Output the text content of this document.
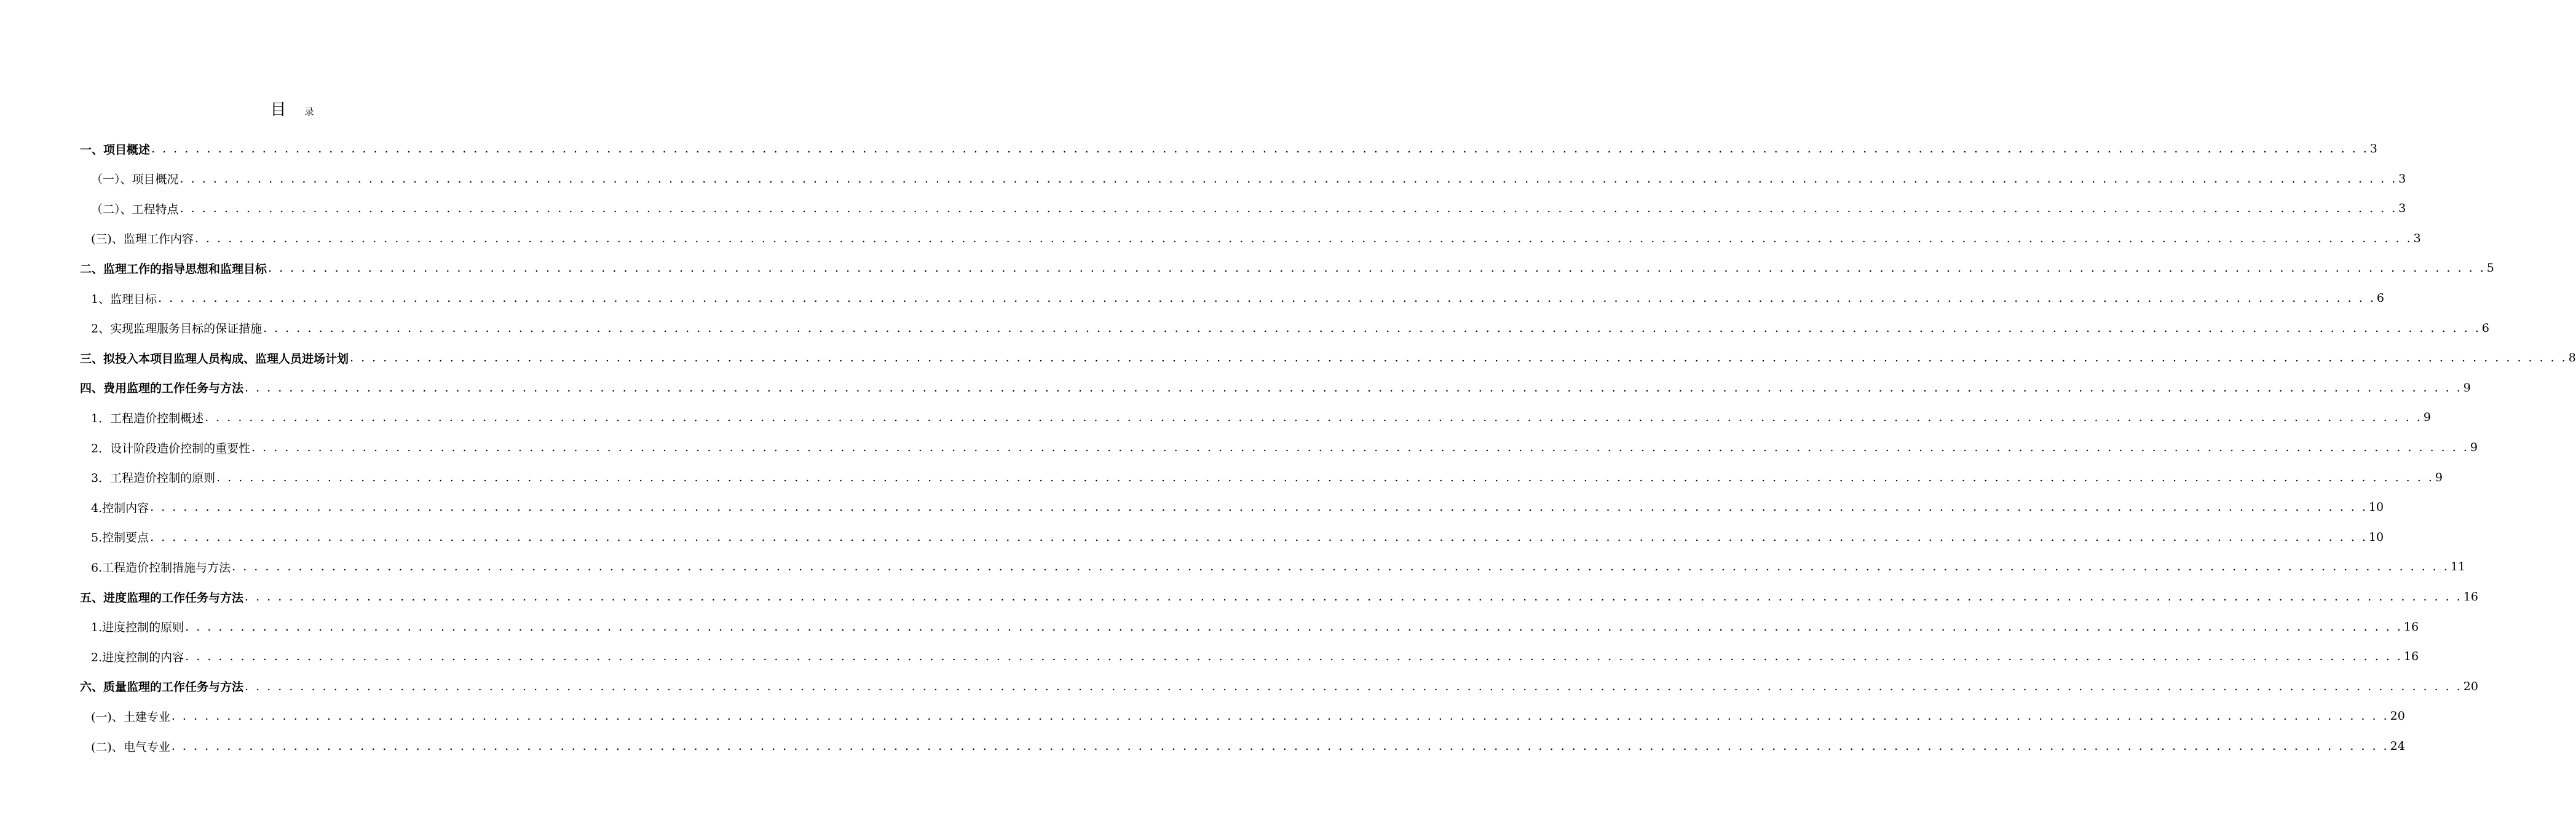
目 录
一、项目概述 . . . . . . . . . . . . . . . . . . . . . . . . . . . . . . . . . . . . . . . . . . . . . . . . . . . . . . . . . . . . . . . . . . . . . . . . . . . . . . . . . . . . . . . . . . . . . . . . . . . . . . . . . . . . . . . . . . . . . . . . . . . . . . . . . . . . . . . . . . . . . . . . . . . . . . . . . . . . . . . . . . . . . . . . . . . . . . . . . . . . . . . . . . . . . . . . . . . . . . . . 3
（一）、项目概况 . . . . . . . . . . . . . . . . . . . . . . . . . . . . . . . . . . . . . . . . . . . . . . . . . . . . . . . . . . . . . . . . . . . . . . . . . . . . . . . . . . . . . . . . . . . . . . . . . . . . . . . . . . . . . . . . . . . . . . . . . . . . . . . . . . . . . . . . . . . . . . . . . . . . . . . . . . . . . . . . . . . . . . . . . . . . . . . . . . . . . . . . . . . . . . . . . . . . . . . . 3
（二）、工程特点 . . . . . . . . . . . . . . . . . . . . . . . . . . . . . . . . . . . . . . . . . . . . . . . . . . . . . . . . . . . . . . . . . . . . . . . . . . . . . . . . . . . . . . . . . . . . . . . . . . . . . . . . . . . . . . . . . . . . . . . . . . . . . . . . . . . . . . . . . . . . . . . . . . . . . . . . . . . . . . . . . . . . . . . . . . . . . . . . . . . . . . . . . . . . . . . . . . . . . . . . 3
(三)、监理工作内容 . . . . . . . . . . . . . . . . . . . . . . . . . . . . . . . . . . . . . . . . . . . . . . . . . . . . . . . . . . . . . . . . . . . . . . . . . . . . . . . . . . . . . . . . . . . . . . . . . . . . . . . . . . . . . . . . . . . . . . . . . . . . . . . . . . . . . . . . . . . . . . . . . . . . . . . . . . . . . . . . . . . . . . . . . . . . . . . . . . . . . . . . . . . . . . . . . . . . . . . . 3
二、监理工作的指导思想和监理目标 . . . . . . . . . . . . . . . . . . . . . . . . . . . . . . . . . . . . . . . . . . . . . . . . . . . . . . . . . . . . . . . . . . . . . . . . . . . . . . . . . . . . . . . . . . . . . . . . . . . . . . . . . . . . . . . . . . . . . . . . . . . . . . . . . . . . . . . . . . . . . . . . . . . . . . . . . . . . . . . . . . . . . . . . . . . . . . . . . . . . . . . . . . . . . . . . . . . . . . . . 5
1、监理目标 . . . . . . . . . . . . . . . . . . . . . . . . . . . . . . . . . . . . . . . . . . . . . . . . . . . . . . . . . . . . . . . . . . . . . . . . . . . . . . . . . . . . . . . . . . . . . . . . . . . . . . . . . . . . . . . . . . . . . . . . . . . . . . . . . . . . . . . . . . . . . . . . . . . . . . . . . . . . . . . . . . . . . . . . . . . . . . . . . . . . . . . . . . . . . . . . . . . . . . . . 6
2、实现监理服务目标的保证措施 . . . . . . . . . . . . . . . . . . . . . . . . . . . . . . . . . . . . . . . . . . . . . . . . . . . . . . . . . . . . . . . . . . . . . . . . . . . . . . . . . . . . . . . . . . . . . . . . . . . . . . . . . . . . . . . . . . . . . . . . . . . . . . . . . . . . . . . . . . . . . . . . . . . . . . . . . . . . . . . . . . . . . . . . . . . . . . . . . . . . . . . . . . . . . . . . . . . . . . . . 6
三、拟投入本项目监理人员构成、监理人员进场计划 . . . . . . . . . . . . . . . . . . . . . . . . . . . . . . . . . . . . . . . . . . . . . . . . . . . . . . . . . . . . . . . . . . . . . . . . . . . . . . . . . . . . . . . . . . . . . . . . . . . . . . . . . . . . . . . . . . . . . . . . . . . . . . . . . . . . . . . . . . . . . . . . . . . . . . . . . . . . . . . . . . . . . . . . . . . . . . . . . . . . . . . . . . . . . . . . . . . . . . . . 8
四、费用监理的工作任务与方法 . . . . . . . . . . . . . . . . . . . . . . . . . . . . . . . . . . . . . . . . . . . . . . . . . . . . . . . . . . . . . . . . . . . . . . . . . . . . . . . . . . . . . . . . . . . . . . . . . . . . . . . . . . . . . . . . . . . . . . . . . . . . . . . . . . . . . . . . . . . . . . . . . . . . . . . . . . . . . . . . . . . . . . . . . . . . . . . . . . . . . . . . . . . . . . . . . . . . . . . . 9
1．工程造价控制概述 . . . . . . . . . . . . . . . . . . . . . . . . . . . . . . . . . . . . . . . . . . . . . . . . . . . . . . . . . . . . . . . . . . . . . . . . . . . . . . . . . . . . . . . . . . . . . . . . . . . . . . . . . . . . . . . . . . . . . . . . . . . . . . . . . . . . . . . . . . . . . . . . . . . . . . . . . . . . . . . . . . . . . . . . . . . . . . . . . . . . . . . . . . . . . . . . . . . . . . . . 9
2．设计阶段造价控制的重要性 . . . . . . . . . . . . . . . . . . . . . . . . . . . . . . . . . . . . . . . . . . . . . . . . . . . . . . . . . . . . . . . . . . . . . . . . . . . . . . . . . . . . . . . . . . . . . . . . . . . . . . . . . . . . . . . . . . . . . . . . . . . . . . . . . . . . . . . . . . . . . . . . . . . . . . . . . . . . . . . . . . . . . . . . . . . . . . . . . . . . . . . . . . . . . . . . . . . . . . . . 9
3．工程造价控制的原则 . . . . . . . . . . . . . . . . . . . . . . . . . . . . . . . . . . . . . . . . . . . . . . . . . . . . . . . . . . . . . . . . . . . . . . . . . . . . . . . . . . . . . . . . . . . . . . . . . . . . . . . . . . . . . . . . . . . . . . . . . . . . . . . . . . . . . . . . . . . . . . . . . . . . . . . . . . . . . . . . . . . . . . . . . . . . . . . . . . . . . . . . . . . . . . . . . . . . . . . . 9
4.控制内容 . . . . . . . . . . . . . . . . . . . . . . . . . . . . . . . . . . . . . . . . . . . . . . . . . . . . . . . . . . . . . . . . . . . . . . . . . . . . . . . . . . . . . . . . . . . . . . . . . . . . . . . . . . . . . . . . . . . . . . . . . . . . . . . . . . . . . . . . . . . . . . . . . . . . . . . . . . . . . . . . . . . . . . . . . . . . . . . . . . . . . . . . . . . . . . . . . . . . . . . . 10
5.控制要点 . . . . . . . . . . . . . . . . . . . . . . . . . . . . . . . . . . . . . . . . . . . . . . . . . . . . . . . . . . . . . . . . . . . . . . . . . . . . . . . . . . . . . . . . . . . . . . . . . . . . . . . . . . . . . . . . . . . . . . . . . . . . . . . . . . . . . . . . . . . . . . . . . . . . . . . . . . . . . . . . . . . . . . . . . . . . . . . . . . . . . . . . . . . . . . . . . . . . . . . . 10
6.工程造价控制措施与方法 . . . . . . . . . . . . . . . . . . . . . . . . . . . . . . . . . . . . . . . . . . . . . . . . . . . . . . . . . . . . . . . . . . . . . . . . . . . . . . . . . . . . . . . . . . . . . . . . . . . . . . . . . . . . . . . . . . . . . . . . . . . . . . . . . . . . . . . . . . . . . . . . . . . . . . . . . . . . . . . . . . . . . . . . . . . . . . . . . . . . . . . . . . . . . . . . . . . . . . . . 11
五、进度监理的工作任务与方法 . . . . . . . . . . . . . . . . . . . . . . . . . . . . . . . . . . . . . . . . . . . . . . . . . . . . . . . . . . . . . . . . . . . . . . . . . . . . . . . . . . . . . . . . . . . . . . . . . . . . . . . . . . . . . . . . . . . . . . . . . . . . . . . . . . . . . . . . . . . . . . . . . . . . . . . . . . . . . . . . . . . . . . . . . . . . . . . . . . . . . . . . . . . . . . . . . . . . . . . . 16
1.进度控制的原则 . . . . . . . . . . . . . . . . . . . . . . . . . . . . . . . . . . . . . . . . . . . . . . . . . . . . . . . . . . . . . . . . . . . . . . . . . . . . . . . . . . . . . . . . . . . . . . . . . . . . . . . . . . . . . . . . . . . . . . . . . . . . . . . . . . . . . . . . . . . . . . . . . . . . . . . . . . . . . . . . . . . . . . . . . . . . . . . . . . . . . . . . . . . . . . . . . . . . . . . . 16
2.进度控制的内容 . . . . . . . . . . . . . . . . . . . . . . . . . . . . . . . . . . . . . . . . . . . . . . . . . . . . . . . . . . . . . . . . . . . . . . . . . . . . . . . . . . . . . . . . . . . . . . . . . . . . . . . . . . . . . . . . . . . . . . . . . . . . . . . . . . . . . . . . . . . . . . . . . . . . . . . . . . . . . . . . . . . . . . . . . . . . . . . . . . . . . . . . . . . . . . . . . . . . . . . . 16
六、质量监理的工作任务与方法 . . . . . . . . . . . . . . . . . . . . . . . . . . . . . . . . . . . . . . . . . . . . . . . . . . . . . . . . . . . . . . . . . . . . . . . . . . . . . . . . . . . . . . . . . . . . . . . . . . . . . . . . . . . . . . . . . . . . . . . . . . . . . . . . . . . . . . . . . . . . . . . . . . . . . . . . . . . . . . . . . . . . . . . . . . . . . . . . . . . . . . . . . . . . . . . . . . . . . . . . 20
(一)、土建专业 . . . . . . . . . . . . . . . . . . . . . . . . . . . . . . . . . . . . . . . . . . . . . . . . . . . . . . . . . . . . . . . . . . . . . . . . . . . . . . . . . . . . . . . . . . . . . . . . . . . . . . . . . . . . . . . . . . . . . . . . . . . . . . . . . . . . . . . . . . . . . . . . . . . . . . . . . . . . . . . . . . . . . . . . . . . . . . . . . . . . . . . . . . . . . . . . . . . . . . . . 20
(二)、电气专业 . . . . . . . . . . . . . . . . . . . . . . . . . . . . . . . . . . . . . . . . . . . . . . . . . . . . . . . . . . . . . . . . . . . . . . . . . . . . . . . . . . . . . . . . . . . . . . . . . . . . . . . . . . . . . . . . . . . . . . . . . . . . . . . . . . . . . . . . . . . . . . . . . . . . . . . . . . . . . . . . . . . . . . . . . . . . . . . . . . . . . . . . . . . . . . . . . . . . . . . . 24
